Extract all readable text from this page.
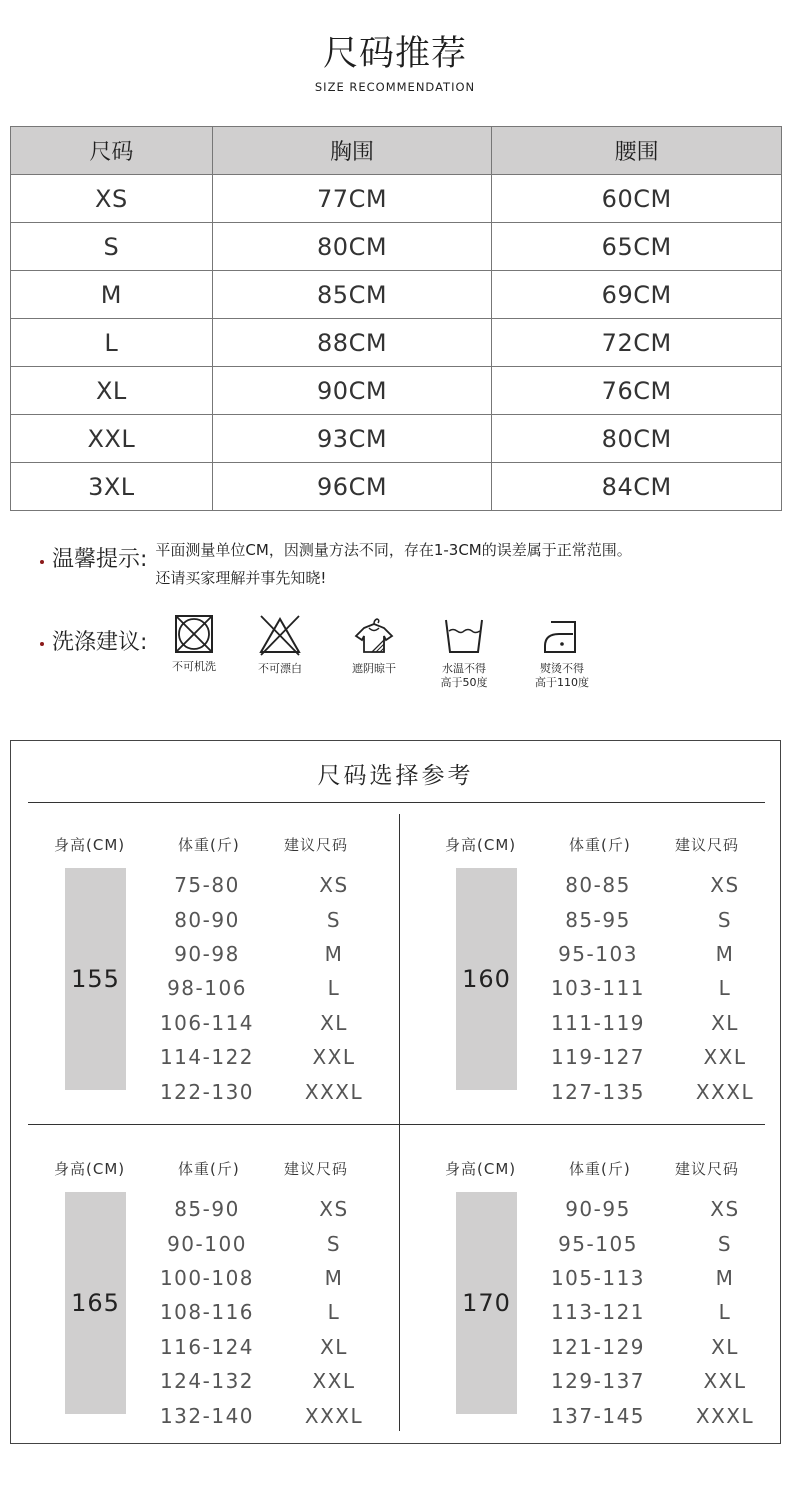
尺码推荐
SIZE RECOMMENDATION
尺码	胸围	腰围
XS	77CM	60CM
S	80CM	65CM
M	85CM	69CM
L	88CM	72CM
XL	90CM	76CM
XXL	93CM	80CM
3XL	96CM	84CM
温馨提示: 平面测量单位CM，因测量方法不同，存在1-3CM的误差属于正常范围。
还请买家理解并事先知晓!
洗涤建议:
不可机洗	不可漂白	遮阴晾干	水温不得
高于50度
熨烫不得
高于110度
尺码选择参考
身高(CM)	体重(斤)	建议尺码
155
75-80	XS
80-90	S
90-98	M
98-106	L
106-114	XL
114-122	XXL
122-130	XXXL
身高(CM)	体重(斤)	建议尺码
160
80-85	XS
85-95	S
95-103	M
103-111	L
111-119	XL
119-127	XXL
127-135	XXXL
身高(CM)	体重(斤)	建议尺码
165
85-90	XS
90-100	S
100-108	M
108-116	L
116-124	XL
124-132	XXL
132-140	XXXL
身高(CM)	体重(斤)	建议尺码
170
90-95	XS
95-105	S
105-113	M
113-121	L
121-129	XL
129-137	XXL
137-145	XXXL
